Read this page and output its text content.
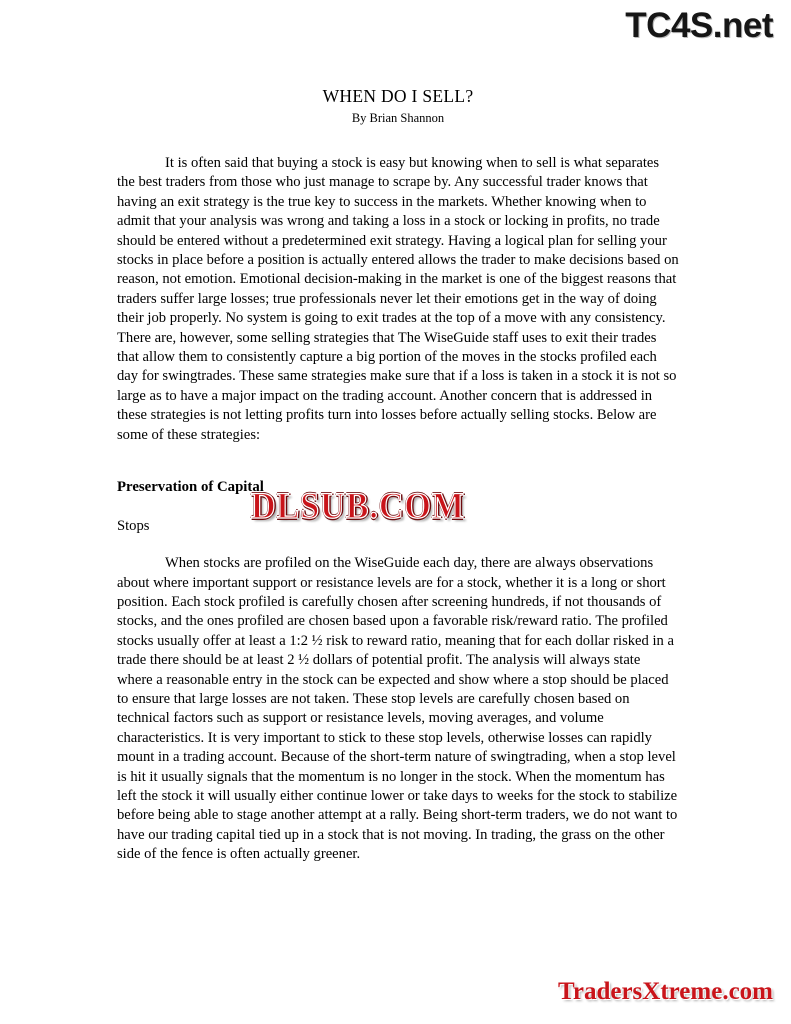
TC4S.net
WHEN DO I SELL?
By Brian Shannon

It is often said that buying a stock is easy but knowing when to sell is what separates the best traders from those who just manage to scrape by. Any successful trader knows that having an exit strategy is the true key to success in the markets. Whether knowing when to admit that your analysis was wrong and taking a loss in a stock or locking in profits, no trade should be entered without a predetermined exit strategy. Having a logical plan for selling your stocks in place before a position is actually entered allows the trader to make decisions based on reason, not emotion. Emotional decision-making in the market is one of the biggest reasons that traders suffer large losses; true professionals never let their emotions get in the way of doing their job properly. No system is going to exit trades at the top of a move with any consistency. There are, however, some selling strategies that The WiseGuide staff uses to exit their trades that allow them to consistently capture a big portion of the moves in the stocks profiled each day for swingtrades. These same strategies make sure that if a loss is taken in a stock it is not so large as to have a major impact on the trading account. Another concern that is addressed in these strategies is not letting profits turn into losses before actually selling stocks. Below are some of these strategies:

Preservation of Capital
Stops

When stocks are profiled on the WiseGuide each day, there are always observations about where important support or resistance levels are for a stock, whether it is a long or short position. Each stock profiled is carefully chosen after screening hundreds, if not thousands of stocks, and the ones profiled are chosen based upon a favorable risk/reward ratio. The profiled stocks usually offer at least a 1:2 ½ risk to reward ratio, meaning that for each dollar risked in a trade there should be at least 2 ½ dollars of potential profit. The analysis will always state where a reasonable entry in the stock can be expected and show where a stop should be placed to ensure that large losses are not taken. These stop levels are carefully chosen based on technical factors such as support or resistance levels, moving averages, and volume characteristics. It is very important to stick to these stop levels, otherwise losses can rapidly mount in a trading account. Because of the short-term nature of swingtrading, when a stop level is hit it usually signals that the momentum is no longer in the stock. When the momentum has left the stock it will usually either continue lower or take days to weeks for the stock to stabilize before being able to stage another attempt at a rally. Being short-term traders, we do not want to have our trading capital tied up in a stock that is not moving. In trading, the grass on the other side of the fence is often actually greener.

DLSUB.COM
TradersXtreme.com
